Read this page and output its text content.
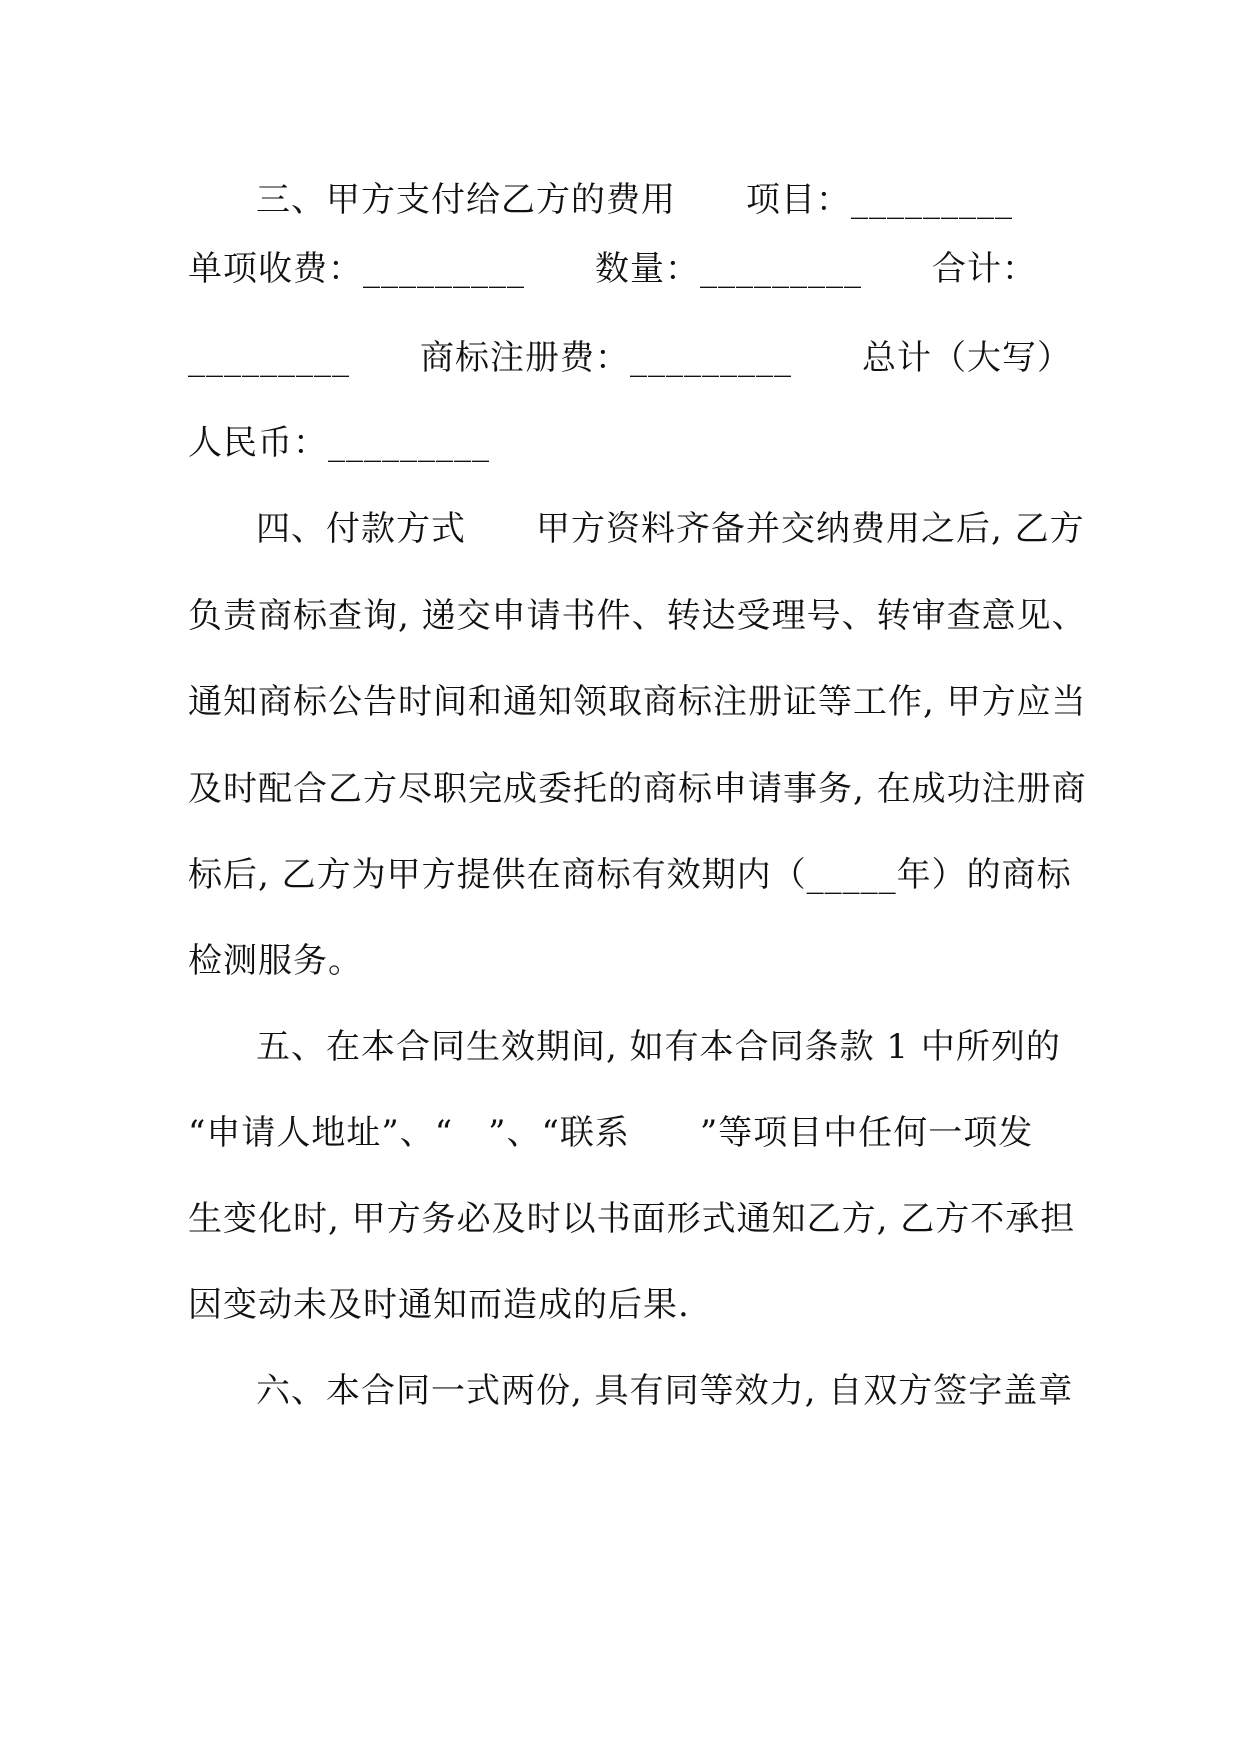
三、甲方支付给乙方的费用　　项目：_________
单项收费：_________　　数量：_________　　合计：
_________　　商标注册费：_________　　总计（大写）
人民币：_________
四、付款方式　　甲方资料齐备并交纳费用之后, 乙方
负责商标查询, 递交申请书件、转达受理号、转审查意见、
通知商标公告时间和通知领取商标注册证等工作, 甲方应当
及时配合乙方尽职完成委托的商标申请事务, 在成功注册商
标后, 乙方为甲方提供在商标有效期内（_____年）的商标
检测服务。
五、在本合同生效期间, 如有本合同条款 1 中所列的
“申请人地址”、“　”、“联系　　”等项目中任何一项发
生变化时, 甲方务必及时以书面形式通知乙方, 乙方不承担
因变动未及时通知而造成的后果.
六、本合同一式两份, 具有同等效力, 自双方签字盖章
